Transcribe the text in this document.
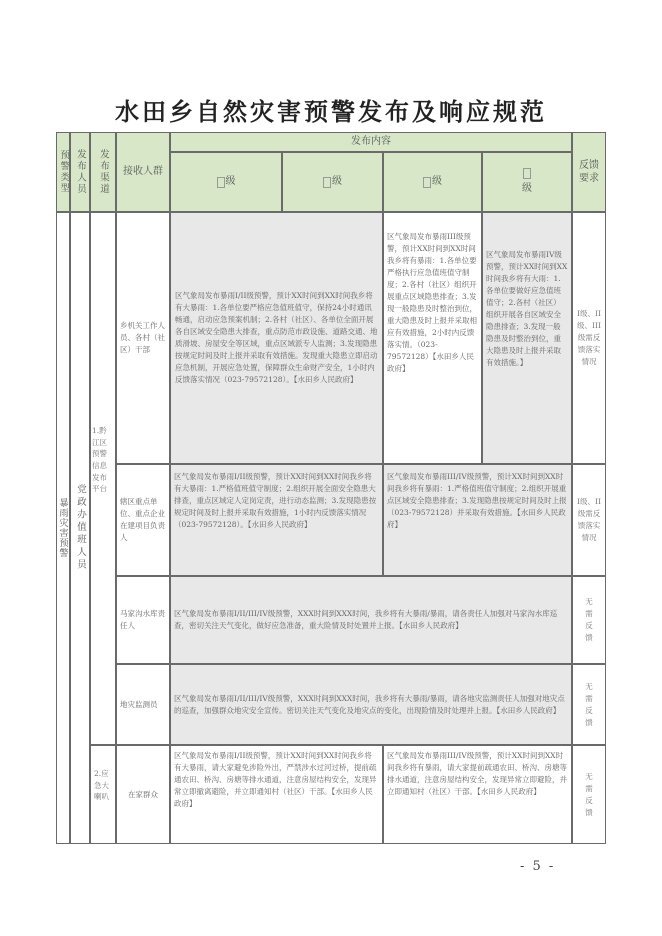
水田乡自然灾害预警发布及响应规范
预警类型 发布人员 发布渠道 接收人群
发布内容
级	级	级
级
反馈要求
暴雨灾害预警 党政办值班人员
1.黔江区预警信息发布平台
2.应急大喇叭
乡机关工作人员、各村（社区）干部
区气象局发布暴雨I/II级预警，预计XX时间到XX时间我乡将有大暴雨：1.各单位要严格应急值班值守，保持24小时通讯畅通，启动应急预案机制；2.各村（社区）、各单位全面开展各自区域安全隐患大排查，重点防范市政设施、道路交通、地质滑坡、房屋安全等区域，重点区域派专人监测；3.发现隐患按规定时间及时上报并采取有效措施。发现重大隐患立即启动应急机制，开展应急处置，保障群众生命财产安全，1小时内反馈落实情况（023-79572128）。【水田乡人民政府】
区气象局发布暴雨III级预警，预计XX时间到XX时间我乡将有暴雨：1.各单位要严格执行应急值班值守制度；2.各村（社区）组织开展重点区域隐患排查；3.发现一般隐患及时整治到位，重大隐患及时上报并采取相应有效措施，2小时内反馈落实情。（023-79572128）【水田乡人民政府】
区气象局发布暴雨IV级预警，预计XX时间到XX时间我乡将有大雨：1.各单位要做好应急值班值守；2.各村（社区）组织开展各自区域安全隐患排查；3.发现一般隐患及时整治到位，重大隐患及时上报并采取有效措施。】
I级、II级、III级需反馈落实情况
辖区重点单位、重点企业在建项目负责人
区气象局发布暴雨I/II级预警，预计XX时间到XX时间我乡将有大暴雨：1.严格值班值守制度；2.组织开展全面安全隐患大排查，重点区域定人定岗定责，进行动态监测；3.发现隐患按规定时间及时上报并采取有效措施，1小时内反馈落实情况（023-79572128）。【水田乡人民政府】
区气象局发布暴雨III/IV级预警，预计XX时间到XX时间我乡将有暴雨：1.严格值班值守制度；2.组织开展重点区域安全隐患排查；3.发现隐患按规定时间及时上报（023-79572128）并采取有效措施。【水田乡人民政府】
I级、II级需反馈落实情况
马家沟水库责任人
区气象局发布暴雨I/II/III/IV级预警，XXX时间到XXX时间，我乡将有大暴雨/暴雨，请各责任人加强对马家沟水库巡查，密切关注天气变化，做好应急准备，重大险情及时处置并上报。【水田乡人民政府】
无需反馈
地灾监测员
区气象局发布暴雨I/II/III/IV级预警，XXX时间到XXX时间，我乡将有大暴雨/暴雨，请各地灾监测责任人加强对地灾点的巡查，加强群众地灾安全宣传。密切关注天气变化及地灾点的变化，出现险情及时处理并上报。【水田乡人民政府】
无需反馈
在家群众
区气象局发布暴雨I/II级预警，预计XX时间到XX时间我乡将有大暴雨，请大家避免涉险外出，严禁涉水过河过桥，提前疏通农田、桥沟、房塘等排水通道，注意房屋结构安全，发现异常立即撤离避险，并立即通知村（社区）干部。【水田乡人民政府】
区气象局发布暴雨III/IV级预警，预计XX时间到XX时间我乡将有暴雨，请大家提前疏通农田、桥沟、房塘等排水通道，注意房屋结构安全，发现异常立即避险，并立即通知村（社区）干部。【水田乡人民政府】
无需反馈
- 5 -
